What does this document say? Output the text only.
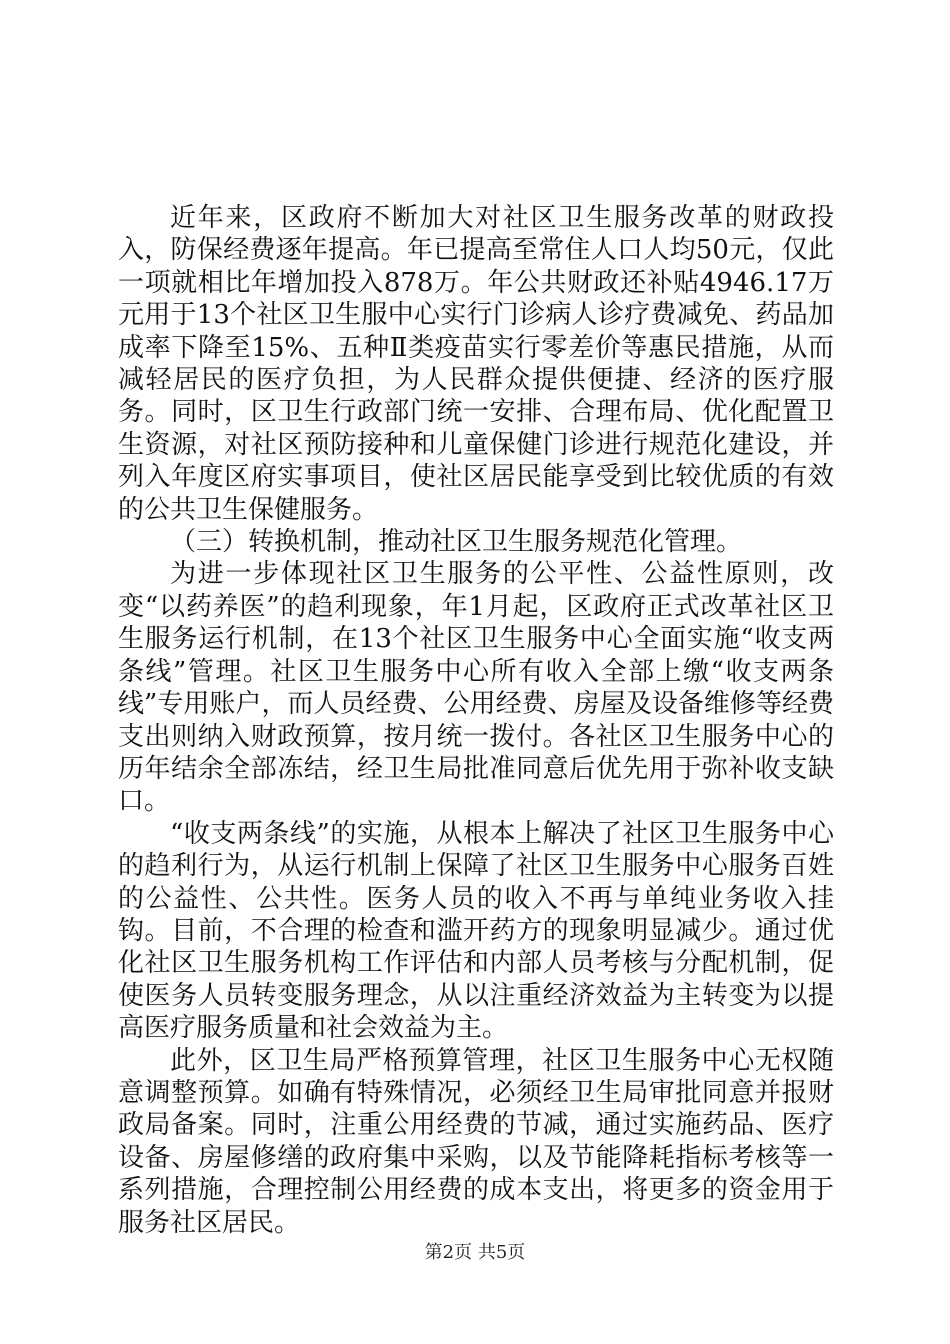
近年来，区政府不断加大对社区卫生服务改革的财政投入，防保经费逐年提高。年已提高至常住人口人均50元，仅此一项就相比年增加投入878万。年公共财政还补贴4946.17万元用于13个社区卫生服中心实行门诊病人诊疗费减免、药品加成率下降至15%、五种Ⅱ类疫苗实行零差价等惠民措施，从而减轻居民的医疗负担，为人民群众提供便捷、经济的医疗服务。同时，区卫生行政部门统一安排、合理布局、优化配置卫生资源，对社区预防接种和儿童保健门诊进行规范化建设，并列入年度区府实事项目，使社区居民能享受到比较优质的有效的公共卫生保健服务。

（三）转换机制，推动社区卫生服务规范化管理。

为进一步体现社区卫生服务的公平性、公益性原则，改变“以药养医”的趋利现象，年1月起，区政府正式改革社区卫生服务运行机制，在13个社区卫生服务中心全面实施“收支两条线”管理。社区卫生服务中心所有收入全部上缴“收支两条线”专用账户，而人员经费、公用经费、房屋及设备维修等经费支出则纳入财政预算，按月统一拨付。各社区卫生服务中心的历年结余全部冻结，经卫生局批准同意后优先用于弥补收支缺口。

“收支两条线”的实施，从根本上解决了社区卫生服务中心的趋利行为，从运行机制上保障了社区卫生服务中心服务百姓的公益性、公共性。医务人员的收入不再与单纯业务收入挂钩。目前，不合理的检查和滥开药方的现象明显减少。通过优化社区卫生服务机构工作评估和内部人员考核与分配机制，促使医务人员转变服务理念，从以注重经济效益为主转变为以提高医疗服务质量和社会效益为主。

此外，区卫生局严格预算管理，社区卫生服务中心无权随意调整预算。如确有特殊情况，必须经卫生局审批同意并报财政局备案。同时，注重公用经费的节减，通过实施药品、医疗设备、房屋修缮的政府集中采购，以及节能降耗指标考核等一系列措施，合理控制公用经费的成本支出，将更多的资金用于服务社区居民。

第2页 共5页
